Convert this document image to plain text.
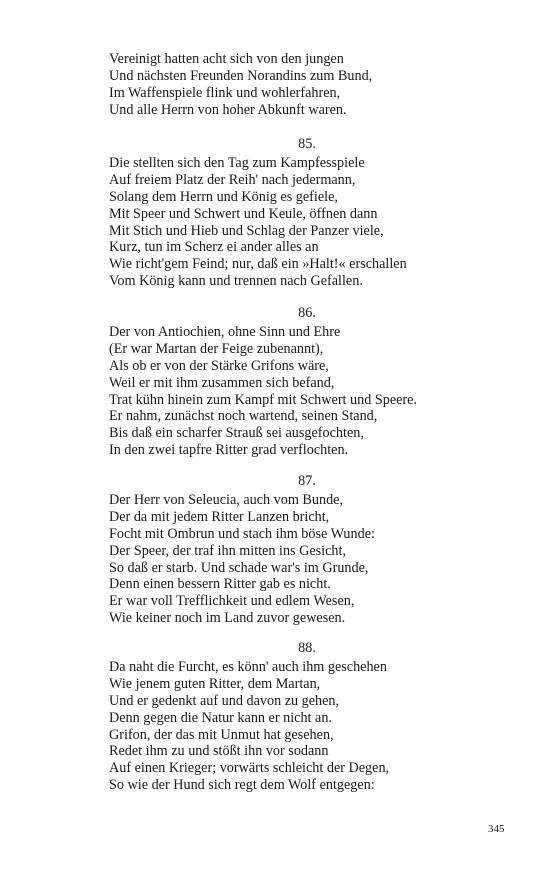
Vereinigt hatten acht sich von den jungen
Und nächsten Freunden Norandins zum Bund,
Im Waffenspiele flink und wohlerfahren,
Und alle Herrn von hoher Abkunft waren.
85.
Die stellten sich den Tag zum Kampfesspiele
Auf freiem Platz der Reih' nach jedermann,
Solang dem Herrn und König es gefiele,
Mit Speer und Schwert und Keule, öffnen dann
Mit Stich und Hieb und Schlag der Panzer viele,
Kurz, tun im Scherz ei ander alles an
Wie richt'gem Feind; nur, daß ein »Halt!« erschallen
Vom König kann und trennen nach Gefallen.
86.
Der von Antiochien, ohne Sinn und Ehre
(Er war Martan der Feige zubenannt),
Als ob er von der Stärke Grifons wäre,
Weil er mit ihm zusammen sich befand,
Trat kühn hinein zum Kampf mit Schwert und Speere.
Er nahm, zunächst noch wartend, seinen Stand,
Bis daß ein scharfer Strauß sei ausgefochten,
In den zwei tapfre Ritter grad verflochten.
87.
Der Herr von Seleucia, auch vom Bunde,
Der da mit jedem Ritter Lanzen bricht,
Focht mit Ombrun und stach ihm böse Wunde:
Der Speer, der traf ihn mitten ins Gesicht,
So daß er starb. Und schade war's im Grunde,
Denn einen bessern Ritter gab es nicht.
Er war voll Trefflichkeit und edlem Wesen,
Wie keiner noch im Land zuvor gewesen.
88.
Da naht die Furcht, es könn' auch ihm geschehen
Wie jenem guten Ritter, dem Martan,
Und er gedenkt auf und davon zu gehen,
Denn gegen die Natur kann er nicht an.
Grifon, der das mit Unmut hat gesehen,
Redet ihm zu und stößt ihn vor sodann
Auf einen Krieger; vorwärts schleicht der Degen,
So wie der Hund sich regt dem Wolf entgegen:
345
